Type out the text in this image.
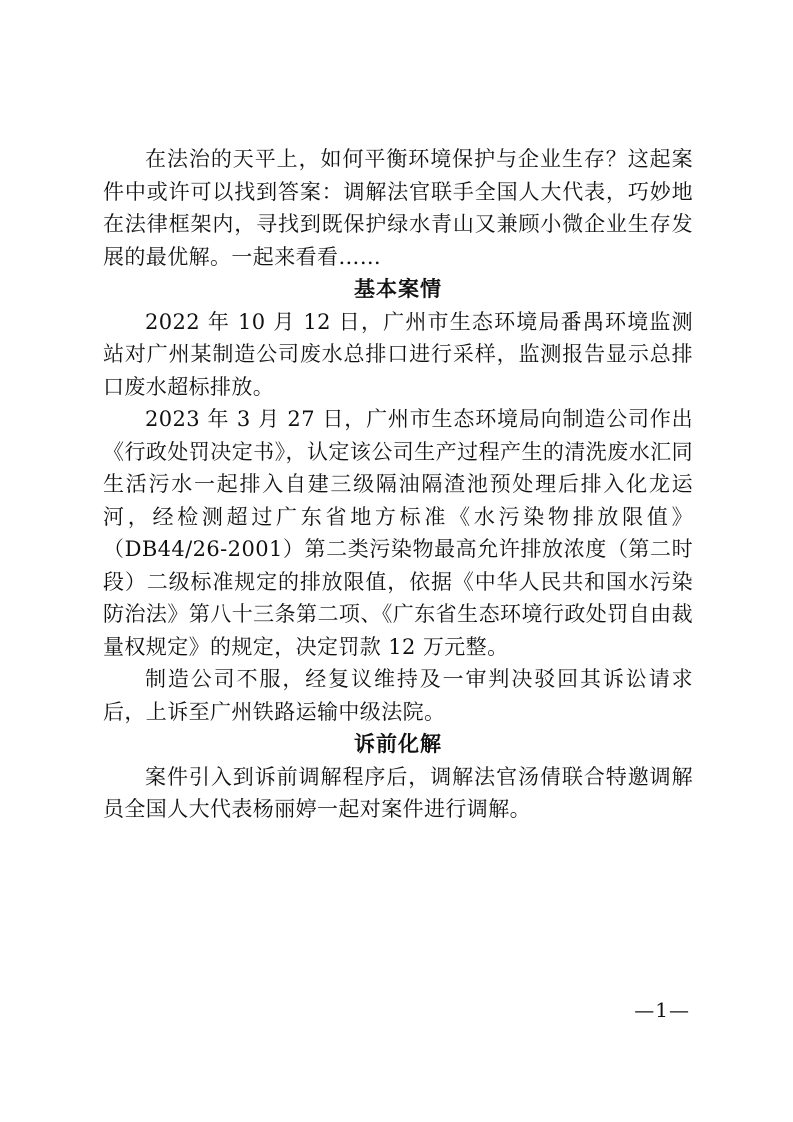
在法治的天平上，如何平衡环境保护与企业生存？这起案件中或许可以找到答案：调解法官联手全国人大代表，巧妙地在法律框架内，寻找到既保护绿水青山又兼顾小微企业生存发展的最优解。一起来看看……

基本案情

2022 年 10 月 12 日，广州市生态环境局番禺环境监测站对广州某制造公司废水总排口进行采样，监测报告显示总排口废水超标排放。

2023 年 3 月 27 日，广州市生态环境局向制造公司作出《行政处罚决定书》，认定该公司生产过程产生的清洗废水汇同生活污水一起排入自建三级隔油隔渣池预处理后排入化龙运河，经检测超过广东省地方标准《水污染物排放限值》（DB44/26-2001）第二类污染物最高允许排放浓度（第二时段）二级标准规定的排放限值，依据《中华人民共和国水污染防治法》第八十三条第二项、《广东省生态环境行政处罚自由裁量权规定》的规定，决定罚款 12 万元整。

制造公司不服，经复议维持及一审判决驳回其诉讼请求后，上诉至广州铁路运输中级法院。

诉前化解

案件引入到诉前调解程序后，调解法官汤倩联合特邀调解员全国人大代表杨丽婷一起对案件进行调解。

—1—
